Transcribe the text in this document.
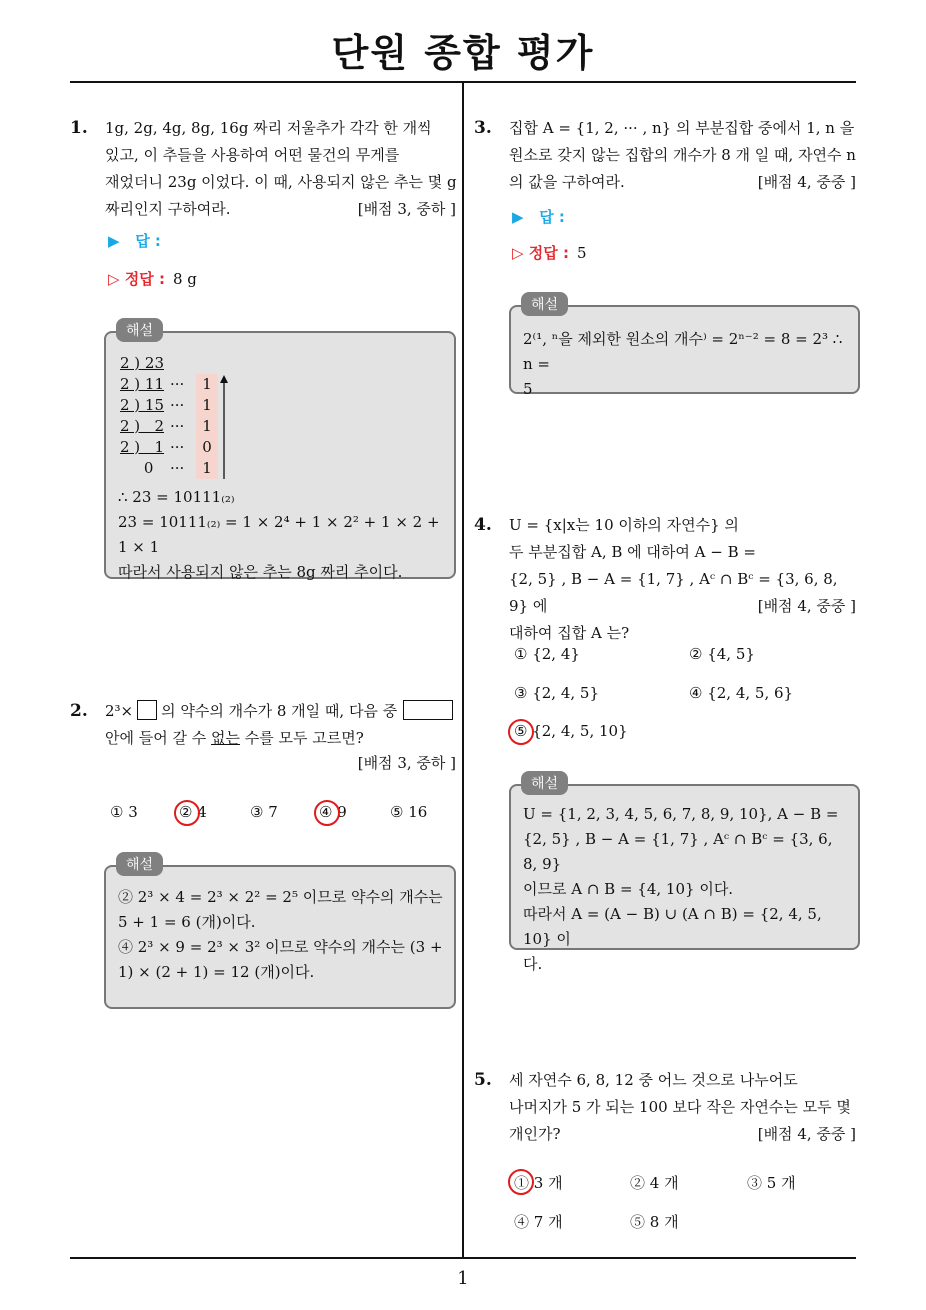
단원 종합 평가
1
1. 1g, 2g, 4g, 8g, 16g 짜리 저울추가 각각 한 개씩
있고, 이 추들을 사용하여 어떤 물건의 무게를
재었더니 23g 이었다. 이 때, 사용되지 않은 추는 몇 g
짜리인지 구하여라.	[배점 3, 중하 ]
▶ 답 :
▷ 정답 : 8 g
2 ) 23
2 ) 11 ···	1
2 ) 15 ···	1
2 )   2 ···	1
2 )   1 ···	0
0 ···	1
∴ 23 = 10111₍₂₎
23 = 10111₍₂₎ = 1 × 2⁴ + 1 × 2² + 1 × 2 + 1 × 1
따라서 사용되지 않은 추는 8g 짜리 추이다.
해설
2. 2³× 의 약수의 개수가 8 개일 때, 다음 중
안에 들어 갈 수 없는 수를 모두 고르면?
[배점 3, 중하 ]
① 3	② 4	③ 7	④ 9	⑤ 16
② 2³ × 4 = 2³ × 2² = 2⁵ 이므로 약수의 개수는
5 + 1 = 6 (개)이다.
④ 2³ × 9 = 2³ × 3² 이므로 약수의 개수는 (3 +
1) × (2 + 1) = 12 (개)이다.
해설
3. 집합 A = {1, 2, ··· , n} 의 부분집합 중에서 1, n 을
원소로 갖지 않는 집합의 개수가 8 개 일 때, 자연수 n
의 값을 구하여라.	[배점 4, 중중 ]
▶ 답 :
▷ 정답 : 5
2⁽¹, ⁿ을 제외한 원소의 개수⁾ = 2ⁿ⁻² = 8 = 2³ ∴ n =
5
해설
4. U = {x|x는 10 이하의 자연수} 의
두 부분집합 A, B 에 대하여 A − B =
{2, 5} , B − A = {1, 7} , Aᶜ ∩ Bᶜ = {3, 6, 8, 9} 에
대하여 집합 A 는?
[배점 4, 중중 ]
① {2, 4}	② {4, 5}
③ {2, 4, 5}	④ {2, 4, 5, 6}
⑤ {2, 4, 5, 10}
U = {1, 2, 3, 4, 5, 6, 7, 8, 9, 10}, A − B =
{2, 5} , B − A = {1, 7} , Aᶜ ∩ Bᶜ = {3, 6, 8, 9}
이므로 A ∩ B = {4, 10} 이다.
따라서 A = (A − B) ∪ (A ∩ B) = {2, 4, 5, 10} 이
다.
해설
5. 세 자연수 6, 8, 12 중 어느 것으로 나누어도
나머지가 5 가 되는 100 보다 작은 자연수는 모두 몇
개인가?	[배점 4, 중중 ]
① 3 개	② 4 개	③ 5 개
④ 7 개	⑤ 8 개
